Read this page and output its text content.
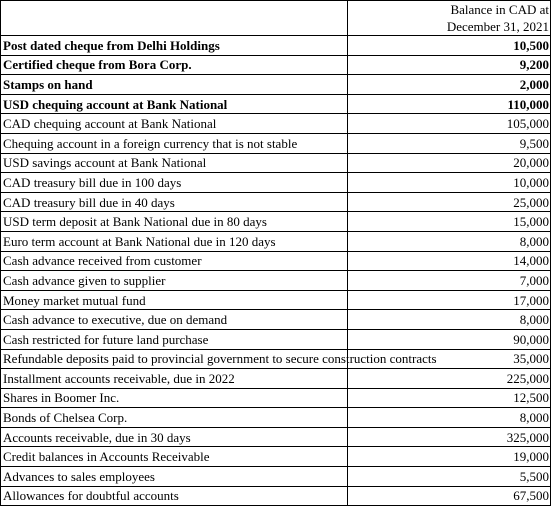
	Balance in CAD at
December 31, 2021
Post dated cheque from Delhi Holdings	10,500
Certified cheque from Bora Corp.	9,200
Stamps on hand	2,000
USD chequing account at Bank National	110,000
CAD chequing account at Bank National	105,000
Chequing account in a foreign currency that is not stable	9,500
USD savings account at Bank National	20,000
CAD treasury bill due in 100 days	10,000
CAD treasury bill due in 40 days	25,000
USD term deposit at Bank National due in 80 days	15,000
Euro term account at Bank National due in 120 days	8,000
Cash advance received from customer	14,000
Cash advance given to supplier	7,000
Money market mutual fund	17,000
Cash advance to executive, due on demand	8,000
Cash restricted for future land purchase	90,000
Refundable deposits paid to provincial government to secure construction contracts	35,000
Installment accounts receivable, due in 2022	225,000
Shares in Boomer Inc.	12,500
Bonds of Chelsea Corp.	8,000
Accounts receivable, due in 30 days	325,000
Credit balances in Accounts Receivable	19,000
Advances to sales employees	5,500
Allowances for doubtful accounts	67,500
